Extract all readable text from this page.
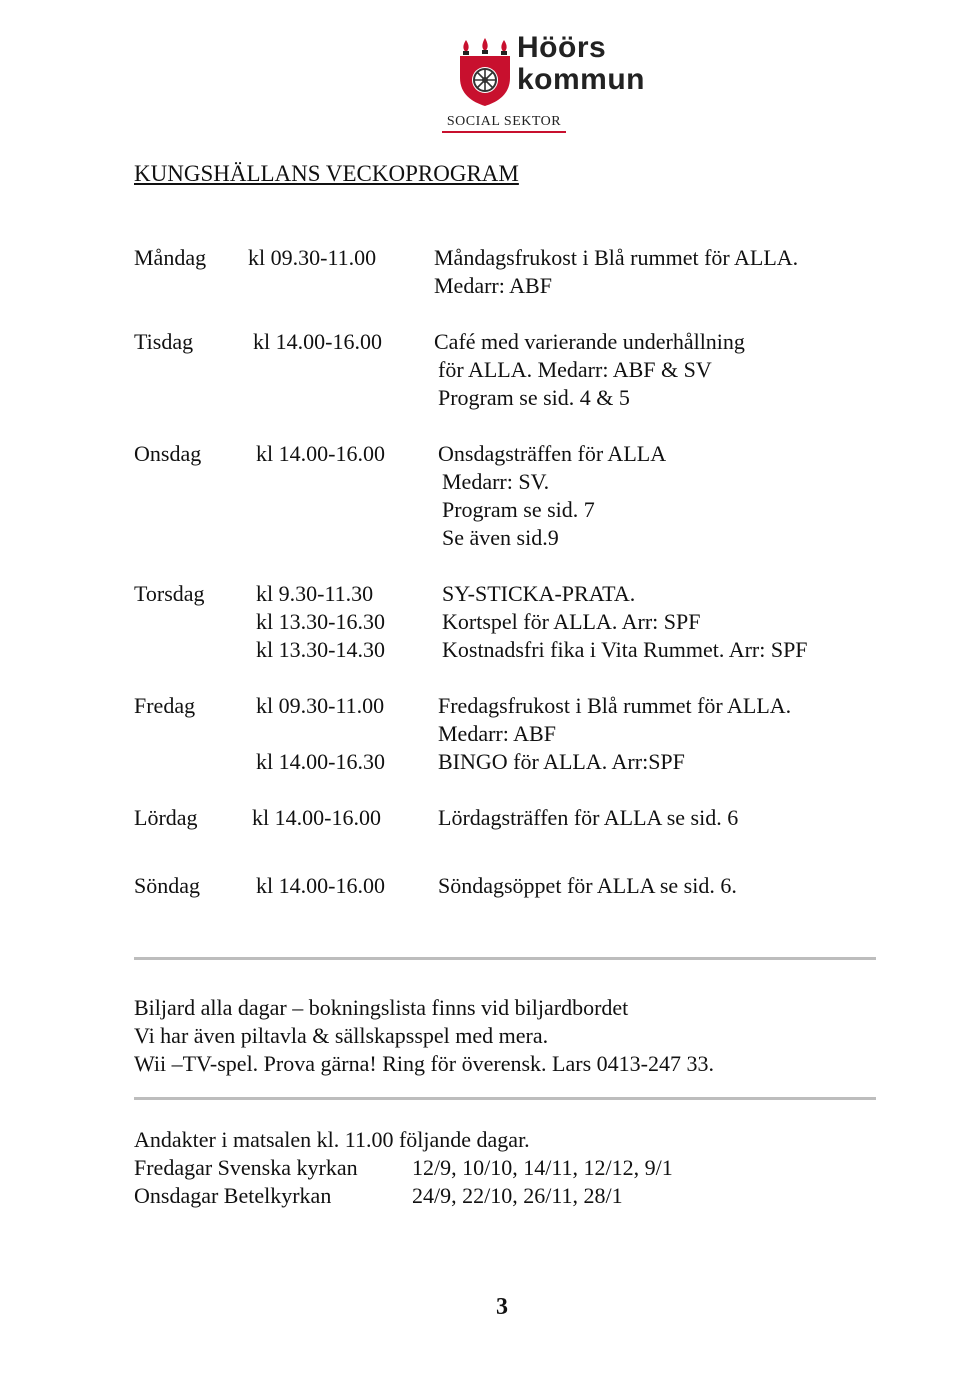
Höörs
kommun
SOCIAL SEKTOR
KUNGSHÄLLANS VECKOPROGRAM
Måndag kl 09.30-11.00	Måndagsfrukost i Blå rummet för ALLA.
Medarr: ABF
Tisdag	kl 14.00-16.00 Café med varierande underhållning
för ALLA. Medarr: ABF & SV
Program se sid. 4 & 5
Onsdag kl 14.00-16.00 Onsdagsträffen för ALLA
Medarr: SV.
Program se sid. 7
Se även sid.9
Torsdag kl 9.30-11.30	SY-STICKA-PRATA.
kl 13.30-16.30	Kortspel för ALLA. Arr: SPF
kl 13.30-14.30	Kostnadsfri fika i Vita Rummet. Arr: SPF
Fredag	kl 09.30-11.00 Fredagsfrukost i Blå rummet för ALLA.
Medarr: ABF
kl 14.00-16.30 BINGO för ALLA. Arr:SPF
Lördag kl 14.00-16.00	Lördagsträffen för ALLA se sid. 6
Söndag	kl 14.00-16.00 Söndagsöppet för ALLA se sid. 6.
Biljard alla dagar – bokningslista finns vid biljardbordet
Vi har även piltavla & sällskapsspel med mera.
Wii –TV-spel. Prova gärna! Ring för överensk. Lars 0413-247 33.
Andakter i matsalen kl. 11.00 följande dagar.
Fredagar Svenska kyrkan 12/9, 10/10, 14/11, 12/12, 9/1
Onsdagar Betelkyrkan	24/9, 22/10, 26/11, 28/1
3
